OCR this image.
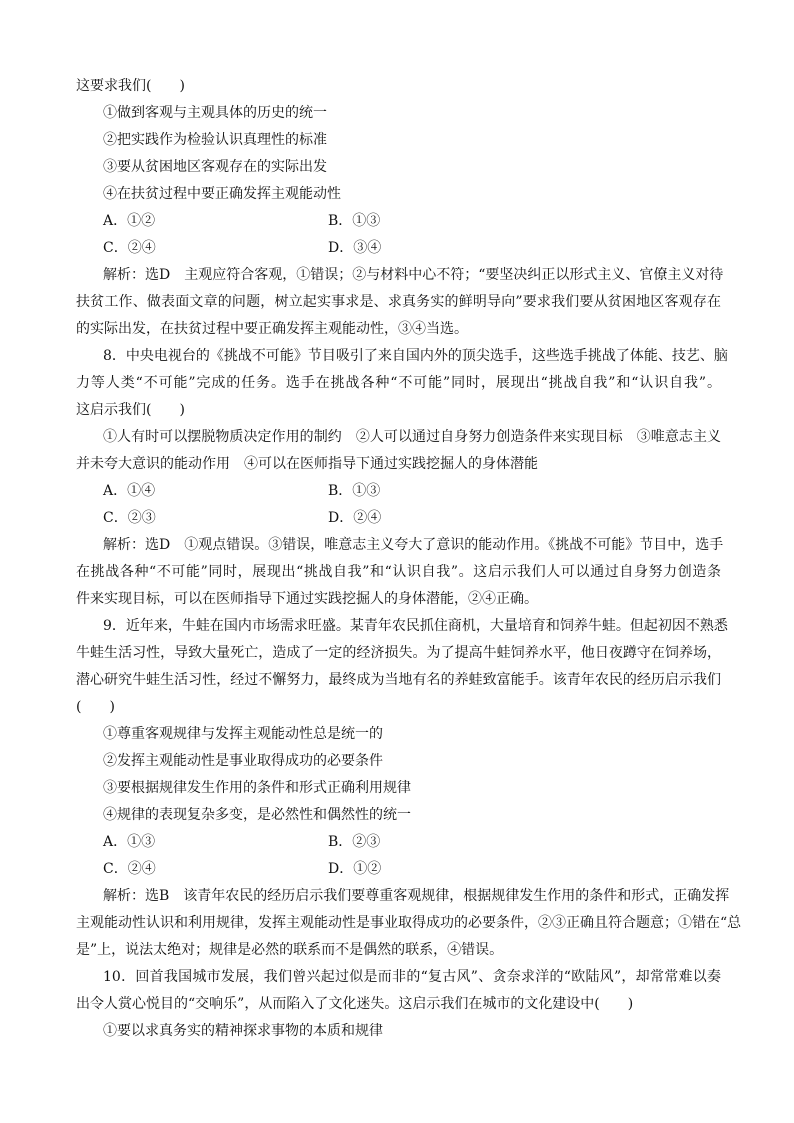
这要求我们(　　)
①做到客观与主观具体的历史的统一
②把实践作为检验认识真理性的标准
③要从贫困地区客观存在的实际出发
④在扶贫过程中要正确发挥主观能动性
A．①②	B．①③
C．②④	D．③④
解析：选D　主观应符合客观，①错误；②与材料中心不符；“要坚决纠正以形式主义、官僚主义对待
扶贫工作、做表面文章的问题，树立起实事求是、求真务实的鲜明导向”要求我们要从贫困地区客观存在
的实际出发，在扶贫过程中要正确发挥主观能动性，③④当选。
8．中央电视台的《挑战不可能》节目吸引了来自国内外的顶尖选手，这些选手挑战了体能、技艺、脑
力等人类“不可能”完成的任务。选手在挑战各种“不可能”同时，展现出“挑战自我”和“认识自我”。
这启示我们(　　)
①人有时可以摆脱物质决定作用的制约　②人可以通过自身努力创造条件来实现目标　③唯意志主义
并未夸大意识的能动作用　④可以在医师指导下通过实践挖掘人的身体潜能
A．①④	B．①③
C．②③	D．②④
解析：选D　①观点错误。③错误，唯意志主义夸大了意识的能动作用。《挑战不可能》节目中，选手
在挑战各种“不可能”同时，展现出“挑战自我”和“认识自我”。这启示我们人可以通过自身努力创造条
件来实现目标，可以在医师指导下通过实践挖掘人的身体潜能，②④正确。
9．近年来，牛蛙在国内市场需求旺盛。某青年农民抓住商机，大量培育和饲养牛蛙。但起初因不熟悉
牛蛙生活习性，导致大量死亡，造成了一定的经济损失。为了提高牛蛙饲养水平，他日夜蹲守在饲养场，
潜心研究牛蛙生活习性，经过不懈努力，最终成为当地有名的养蛙致富能手。该青年农民的经历启示我们
(　　)
①尊重客观规律与发挥主观能动性总是统一的
②发挥主观能动性是事业取得成功的必要条件
③要根据规律发生作用的条件和形式正确利用规律
④规律的表现复杂多变，是必然性和偶然性的统一
A．①③	B．②③
C．②④	D．①②
解析：选B　该青年农民的经历启示我们要尊重客观规律，根据规律发生作用的条件和形式，正确发挥
主观能动性认识和利用规律，发挥主观能动性是事业取得成功的必要条件，②③正确且符合题意；①错在“总
是”上，说法太绝对；规律是必然的联系而不是偶然的联系，④错误。
10．回首我国城市发展，我们曾兴起过似是而非的“复古风”、贪奈求洋的“欧陆风”，却常常难以奏
出令人赏心悦目的“交响乐”，从而陷入了文化迷失。这启示我们在城市的文化建设中(　　)
①要以求真务实的精神探求事物的本质和规律
